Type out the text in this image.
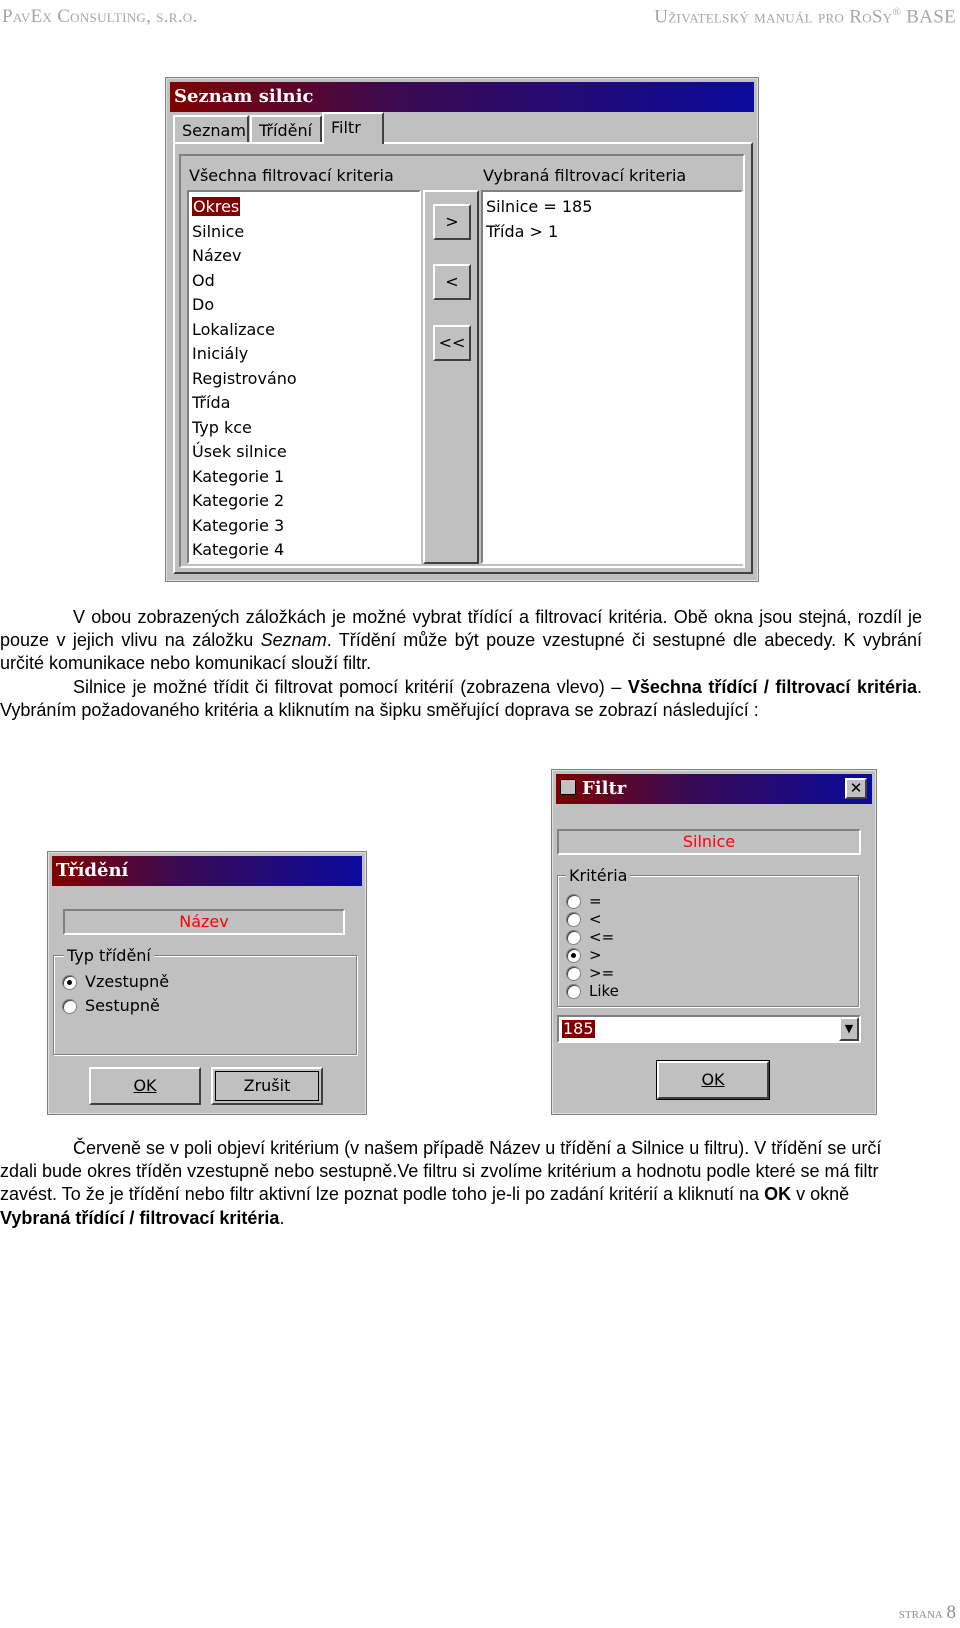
PavEx Consulting, s.r.o.	Uživatelský manuál pro RoSy® BASE
Seznam silnic
Seznam Třídění	Filtr
Všechna filtrovací kriteria	Vybraná filtrovací kriteria
Okres
Silnice
Název
Od
Do
Lokalizace
Iniciály
Registrováno
Třída
Typ kce
Úsek silnice
Kategorie 1
Kategorie 2
Kategorie 3
Kategorie 4
>
<
<<
Silnice = 185
Třída > 1

V obou zobrazených záložkách je možné vybrat třídící a filtrovací kritéria. Obě okna jsou stejná, rozdíl je pouze v jejich vlivu na záložku Seznam. Třídění může být pouze vzestupné či sestupné dle abecedy. K vybrání určité komunikace nebo komunikací slouží filtr.

Silnice je možné třídit či filtrovat pomocí kritérií (zobrazena vlevo) – Všechna třídící / filtrovací kritéria. Vybráním požadovaného kritéria a kliknutím na šipku směřující doprava se zobrazí následující :

Třídění
Název
Typ třídění
Vzestupně
Sestupně
OK	Zrušit
Filtr	✕
Silnice
Kritéria
=
<
<=
>
>=
Like
185	▼
OK

Červeně se v poli objeví kritérium (v našem případě Název u třídění a Silnice u filtru). V třídění se určí zdali bude okres tříděn vzestupně nebo sestupně.Ve filtru si zvolíme kritérium a hodnotu podle které se má filtr zavést. To že je třídění nebo filtr aktivní lze poznat podle toho je-li po zadání kritérií a kliknutí na OK v okně Vybraná třídící / filtrovací kritéria.

strana 8
